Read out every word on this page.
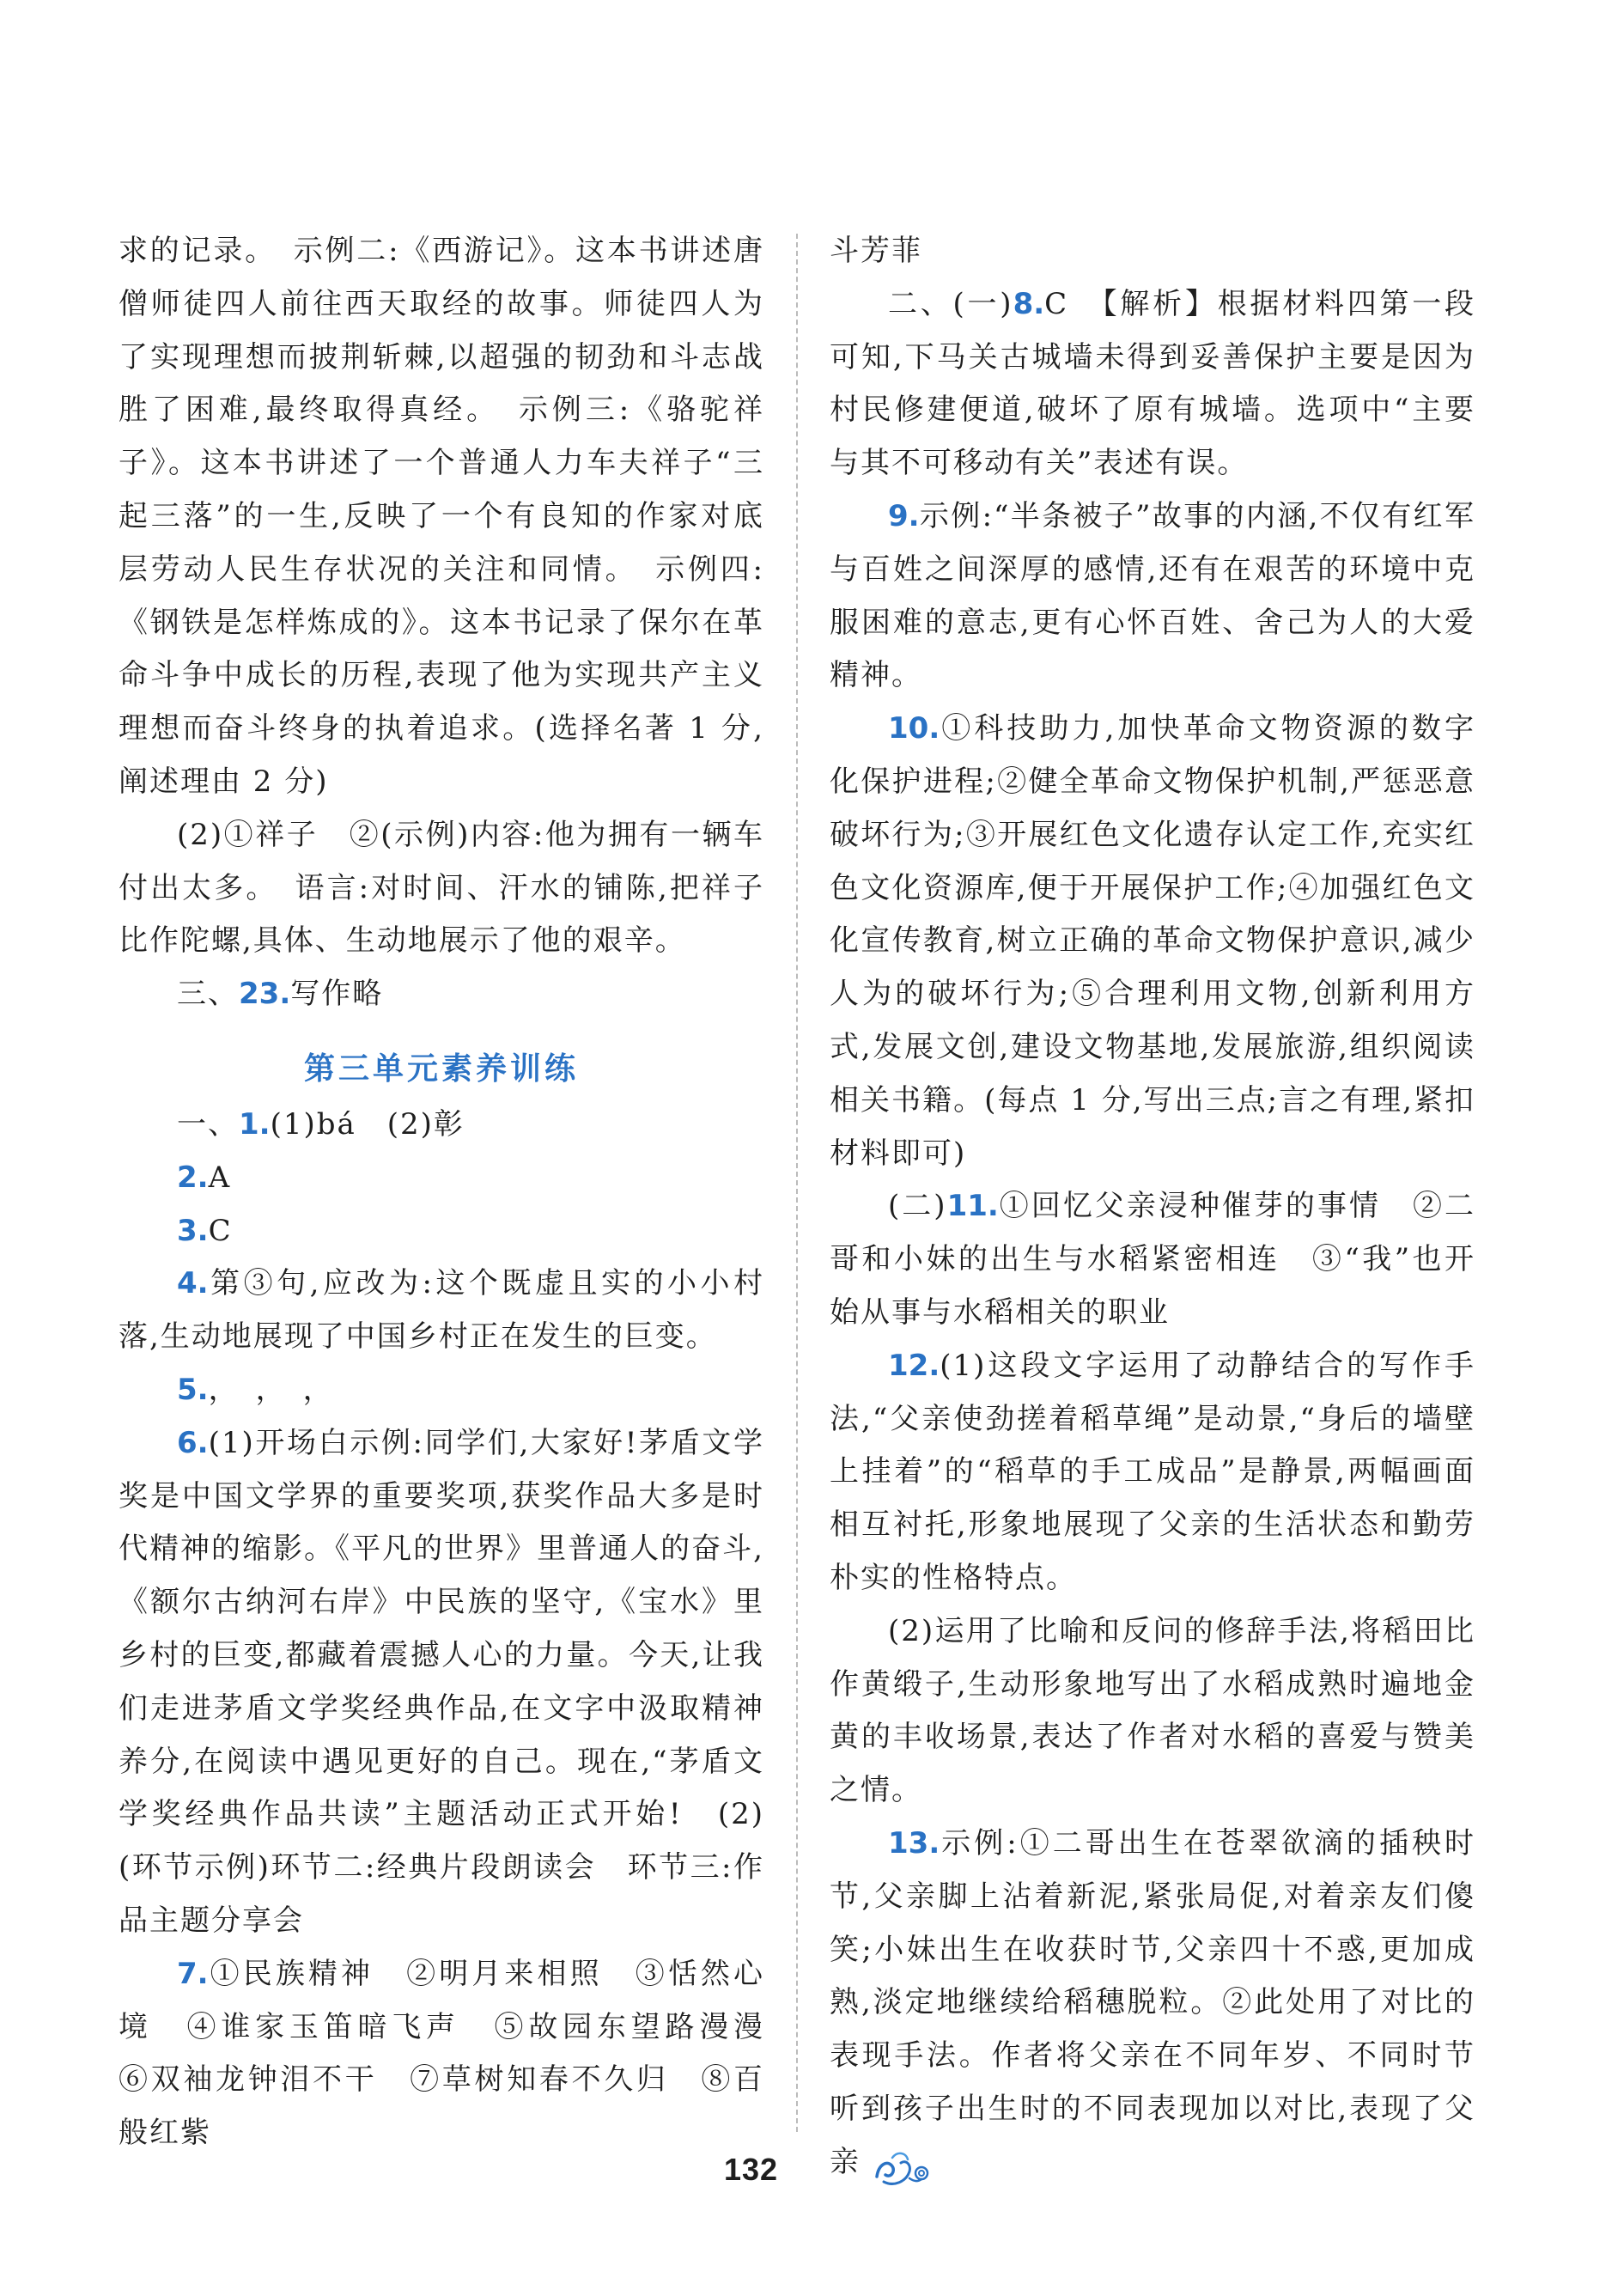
求的记录。　示例二:《西游记》。这本书讲述唐僧师徒四人前往西天取经的故事。师徒四人为了实现理想而披荆斩棘,以超强的韧劲和斗志战胜了困难,最终取得真经。　示例三:《骆驼祥子》。这本书讲述了一个普通人力车夫祥子“三起三落”的一生,反映了一个有良知的作家对底层劳动人民生存状况的关注和同情。　示例四:《钢铁是怎样炼成的》。这本书记录了保尔在革命斗争中成长的历程,表现了他为实现共产主义理想而奋斗终身的执着追求。(选择名著 1 分,阐述理由 2 分)

(2)①祥子　②(示例)内容:他为拥有一辆车付出太多。　语言:对时间、汗水的铺陈,把祥子比作陀螺,具体、生动地展示了他的艰辛。

三、23.写作略

第三单元素养训练

一、1.(1)bá　(2)彰

2.A

3.C

4.第③句,应改为:这个既虚且实的小小村落,生动地展现了中国乡村正在发生的巨变。

5.，　，　，

6.(1)开场白示例:同学们,大家好!茅盾文学奖是中国文学界的重要奖项,获奖作品大多是时代精神的缩影。《平凡的世界》里普通人的奋斗,《额尔古纳河右岸》中民族的坚守,《宝水》里乡村的巨变,都藏着震撼人心的力量。今天,让我们走进茅盾文学奖经典作品,在文字中汲取精神养分,在阅读中遇见更好的自己。现在,“茅盾文学奖经典作品共读”主题活动正式开始!　(2)(环节示例)环节二:经典片段朗读会　环节三:作品主题分享会

7.①民族精神　②明月来相照　③恬然心境　④谁家玉笛暗飞声　⑤故园东望路漫漫　⑥双袖龙钟泪不干　⑦草树知春不久归　⑧百般红紫

斗芳菲

二、(一)8.C　【解析】根据材料四第一段可知,下马关古城墙未得到妥善保护主要是因为村民修建便道,破坏了原有城墙。选项中“主要与其不可移动有关”表述有误。

9.示例:“半条被子”故事的内涵,不仅有红军与百姓之间深厚的感情,还有在艰苦的环境中克服困难的意志,更有心怀百姓、舍己为人的大爱精神。

10.①科技助力,加快革命文物资源的数字化保护进程;②健全革命文物保护机制,严惩恶意破坏行为;③开展红色文化遗存认定工作,充实红色文化资源库,便于开展保护工作;④加强红色文化宣传教育,树立正确的革命文物保护意识,减少人为的破坏行为;⑤合理利用文物,创新利用方式,发展文创,建设文物基地,发展旅游,组织阅读相关书籍。(每点 1 分,写出三点;言之有理,紧扣材料即可)

(二)11.①回忆父亲浸种催芽的事情　②二哥和小妹的出生与水稻紧密相连　③“我”也开始从事与水稻相关的职业

12.(1)这段文字运用了动静结合的写作手法,“父亲使劲搓着稻草绳”是动景,“身后的墙壁上挂着”的“稻草的手工成品”是静景,两幅画面相互衬托,形象地展现了父亲的生活状态和勤劳朴实的性格特点。

(2)运用了比喻和反问的修辞手法,将稻田比作黄缎子,生动形象地写出了水稻成熟时遍地金黄的丰收场景,表达了作者对水稻的喜爱与赞美之情。

13.示例:①二哥出生在苍翠欲滴的插秧时节,父亲脚上沾着新泥,紧张局促,对着亲友们傻笑;小妹出生在收获时节,父亲四十不惑,更加成熟,淡定地继续给稻穗脱粒。②此处用了对比的表现手法。作者将父亲在不同年岁、不同时节听到孩子出生时的不同表现加以对比,表现了父亲

132
